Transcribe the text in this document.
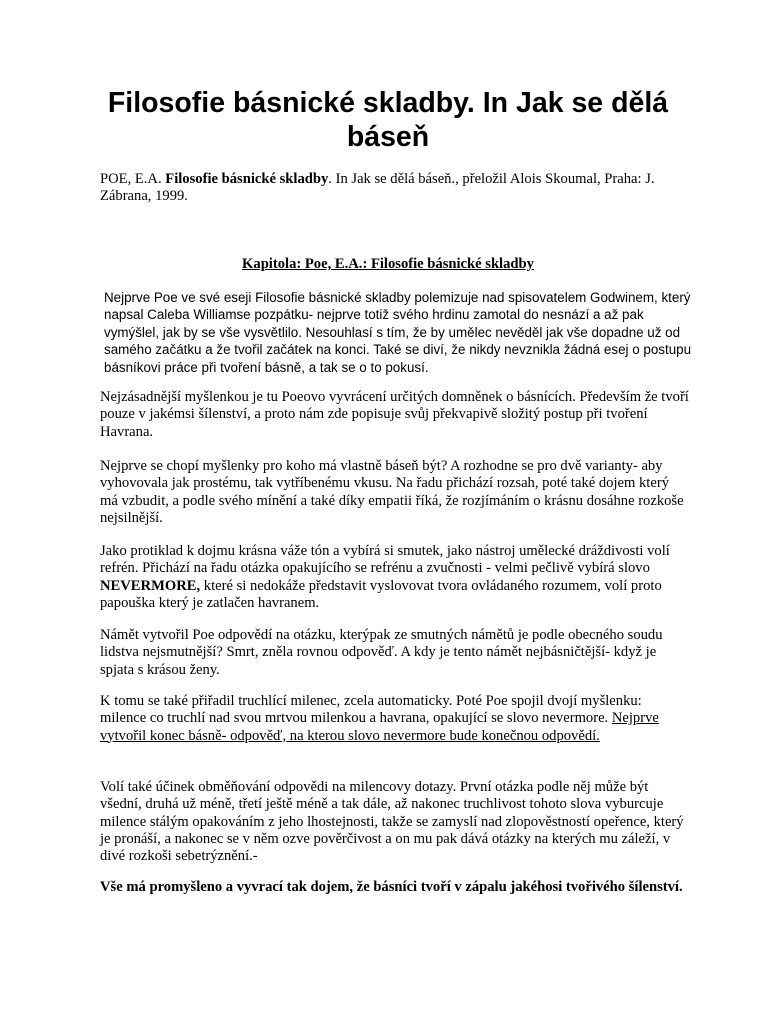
Filosofie básnické skladby. In Jak se dělá báseň

POE, E.A. Filosofie básnické skladby. In Jak se dělá báseň., přeložil Alois Skoumal, Praha: J. Zábrana, 1999.

Kapitola: Poe, E.A.: Filosofie básnické skladby

Nejprve Poe ve své eseji Filosofie básnické skladby polemizuje nad spisovatelem Godwinem, který napsal Caleba Williamse pozpátku- nejprve totiž svého hrdinu zamotal do nesnází a až pak vymýšlel, jak by se vše vysvětlilo. Nesouhlasí s tím, že by umělec nevěděl jak vše dopadne už od samého začátku a že tvořil začátek na konci. Také se diví, že nikdy nevznikla žádná esej o postupu básníkovi práce při tvoření básně, a tak se o to pokusí.

Nejzásadnější myšlenkou je tu Poeovo vyvrácení určitých domněnek o básnících. Především že tvoří pouze v jakémsi šílenství, a proto nám zde popisuje svůj překvapivě složitý postup při tvoření Havrana.

Nejprve se chopí myšlenky pro koho má vlastně báseň být? A rozhodne se pro dvě varianty- aby vyhovovala jak prostému, tak vytříbenému vkusu. Na řadu přichází rozsah, poté také dojem který má vzbudit, a podle svého mínění a také díky empatii říká, že rozjímáním o krásnu dosáhne rozkoše nejsilnější.

Jako protiklad k dojmu krásna váže tón a vybírá si smutek, jako nástroj umělecké dráždivosti volí refrén. Přichází na řadu otázka opakujícího se refrénu a zvučnosti - velmi pečlivě vybírá slovo NEVERMORE, které si nedokáže představit vyslovovat tvora ovládaného rozumem, volí proto papouška který je zatlačen havranem.

Námět vytvořil Poe odpovědí na otázku, kterýpak ze smutných námětů je podle obecného soudu lidstva nejsmutnější? Smrt, zněla rovnou odpověď. A kdy je tento námět nejbásničtější- když je spjata s krásou ženy.

K tomu se také přiřadil truchlící milenec, zcela automaticky. Poté Poe spojil dvojí myšlenku: milence co truchlí nad svou mrtvou milenkou a havrana, opakující se slovo nevermore. Nejprve vytvořil konec básně- odpověď, na kterou slovo nevermore bude konečnou odpovědí.

Volí také účinek obměňování odpovědi na milencovy dotazy. První otázka podle něj může být všední, druhá už méně, třetí ještě méně a tak dále, až nakonec truchlivost tohoto slova vyburcuje milence stálým opakováním z jeho lhostejnosti, takže se zamyslí nad zlopověstností opeřence, který je pronáší, a nakonec se v něm ozve pověrčivost a on mu pak dává otázky na kterých mu záleží, v divé rozkoši sebetrýznění.-

Vše má promyšleno a vyvrací tak dojem, že básníci tvoří v zápalu jakéhosi tvořivého šílenství.
